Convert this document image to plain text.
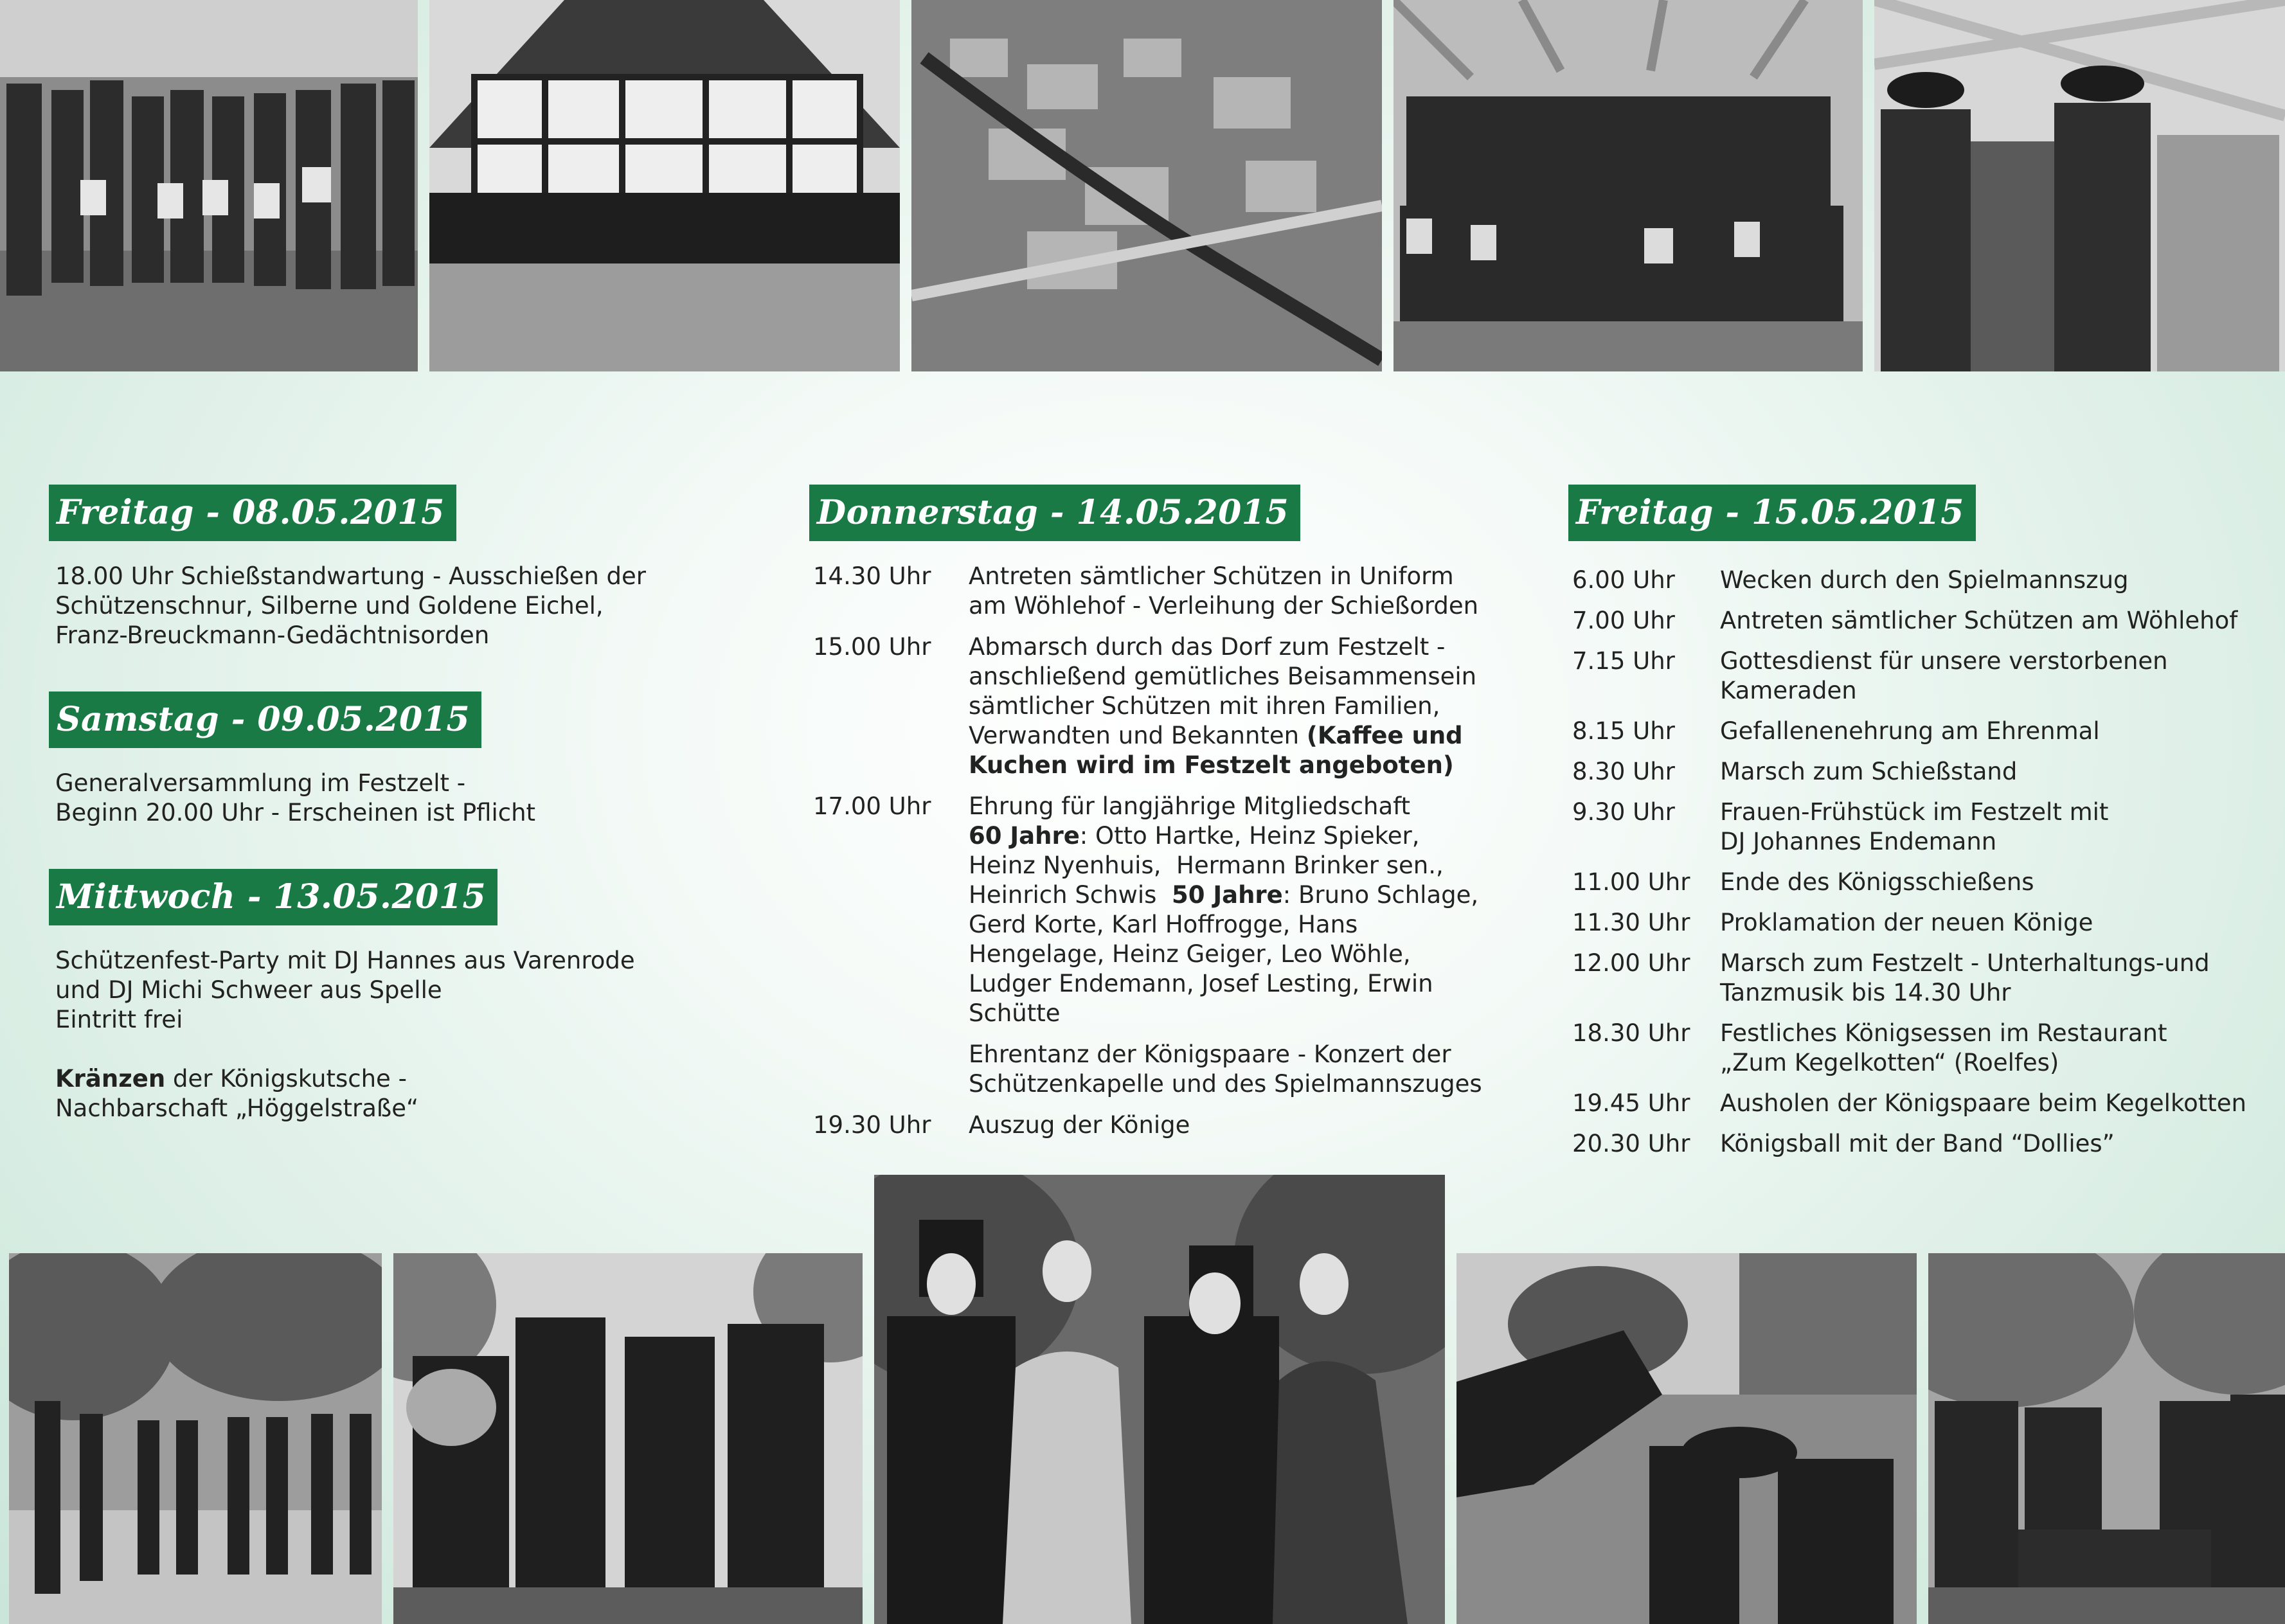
Freitag - 08.05.2015
18.00 Uhr Schießstandwartung - Ausschießen der
Schützenschnur, Silberne und Goldene Eichel,
Franz-Breuckmann-Gedächtnisorden
Samstag - 09.05.2015
Generalversammlung im Festzelt -
Beginn 20.00 Uhr - Erscheinen ist Pflicht
Mittwoch - 13.05.2015
Schützenfest-Party mit DJ Hannes aus Varenrode
und DJ Michi Schweer aus Spelle
Eintritt frei
Kränzen der Königskutsche -
Nachbarschaft „Höggelstraße“
Donnerstag - 14.05.2015
14.30 Uhr	Antreten sämtlicher Schützen in Uniform
am Wöhlehof - Verleihung der Schießorden
15.00 Uhr	Abmarsch durch das Dorf zum Festzelt -
anschließend gemütliches Beisammensein
sämtlicher Schützen mit ihren Familien,
Verwandten und Bekannten (Kaffee und
Kuchen wird im Festzelt angeboten)
17.00 Uhr	Ehrung für langjährige Mitgliedschaft
60 Jahre: Otto Hartke, Heinz Spieker,
Heinz Nyenhuis,  Hermann Brinker sen.,
Heinrich Schwis  50 Jahre: Bruno Schlage,
Gerd Korte, Karl Hoffrogge, Hans
Hengelage, Heinz Geiger, Leo Wöhle,
Ludger Endemann, Josef Lesting, Erwin
Schütte
Ehrentanz der Königspaare - Konzert der
Schützenkapelle und des Spielmannszuges
19.30 Uhr	Auszug der Könige
Freitag - 15.05.2015
6.00 Uhr	Wecken durch den Spielmannszug
7.00 Uhr	Antreten sämtlicher Schützen am Wöhlehof
7.15 Uhr	Gottesdienst für unsere verstorbenen
Kameraden
8.15 Uhr	Gefallenenehrung am Ehrenmal
8.30 Uhr	Marsch zum Schießstand
9.30 Uhr	Frauen-Frühstück im Festzelt mit
DJ Johannes Endemann
11.00 Uhr	Ende des Königsschießens
11.30 Uhr	Proklamation der neuen Könige
12.00 Uhr	Marsch zum Festzelt - Unterhaltungs-und
Tanzmusik bis 14.30 Uhr
18.30 Uhr	Festliches Königsessen im Restaurant
„Zum Kegelkotten“ (Roelfes)
19.45 Uhr	Ausholen der Königspaare beim Kegelkotten
20.30 Uhr	Königsball mit der Band “Dollies”
